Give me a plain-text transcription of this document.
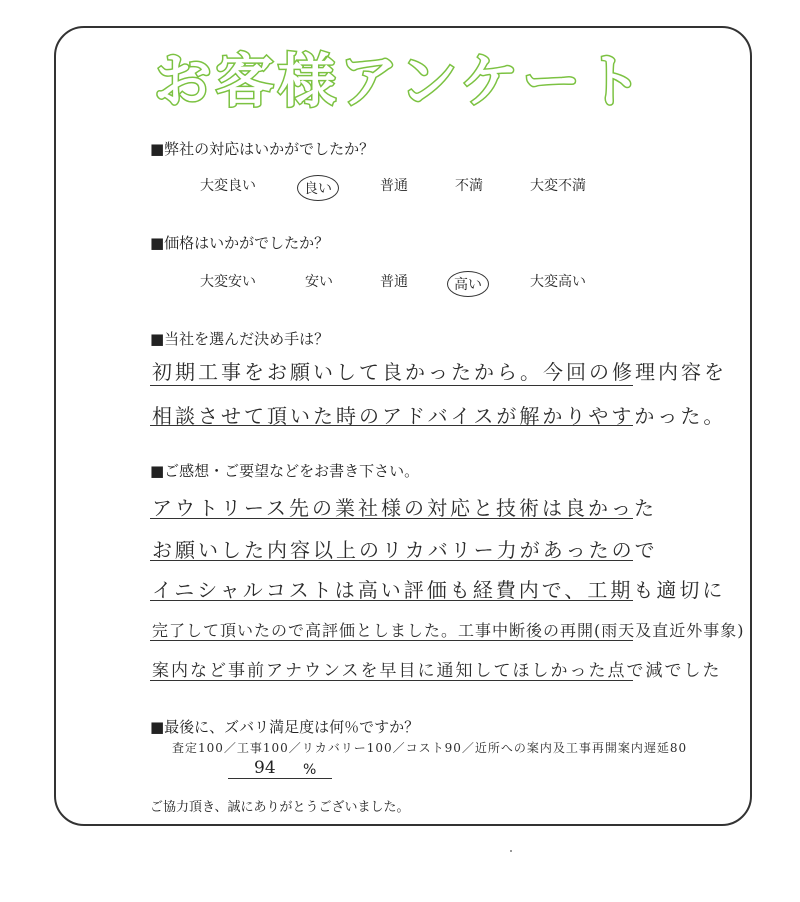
お客様アンケート
■弊社の対応はいかがでしたか？
大変良い	良い	普通	不満	大変不満
■価格はいかがでしたか？
大変安い	安い	普通	高い	大変高い
■当社を選んだ決め手は？
初期工事をお願いして良かったから。今回の修理内容を
相談させて頂いた時のアドバイスが解かりやすかった。
■ご感想・ご要望などをお書き下さい。
アウトリース先の業社様の対応と技術は良かった
お願いした内容以上のリカバリー力があったので
イニシャルコストは高い評価も経費内で、工期も適切に
完了して頂いたので高評価としました。工事中断後の再開(雨天及直近外事象)
案内など事前アナウンスを早目に通知してほしかった点で減でした
■最後に、ズバリ満足度は何％ですか？
査定100／工事100／リカバリー100／コスト90／近所への案内及工事再開案内遅延80
94 %
ご協力頂き、誠にありがとうございました。
